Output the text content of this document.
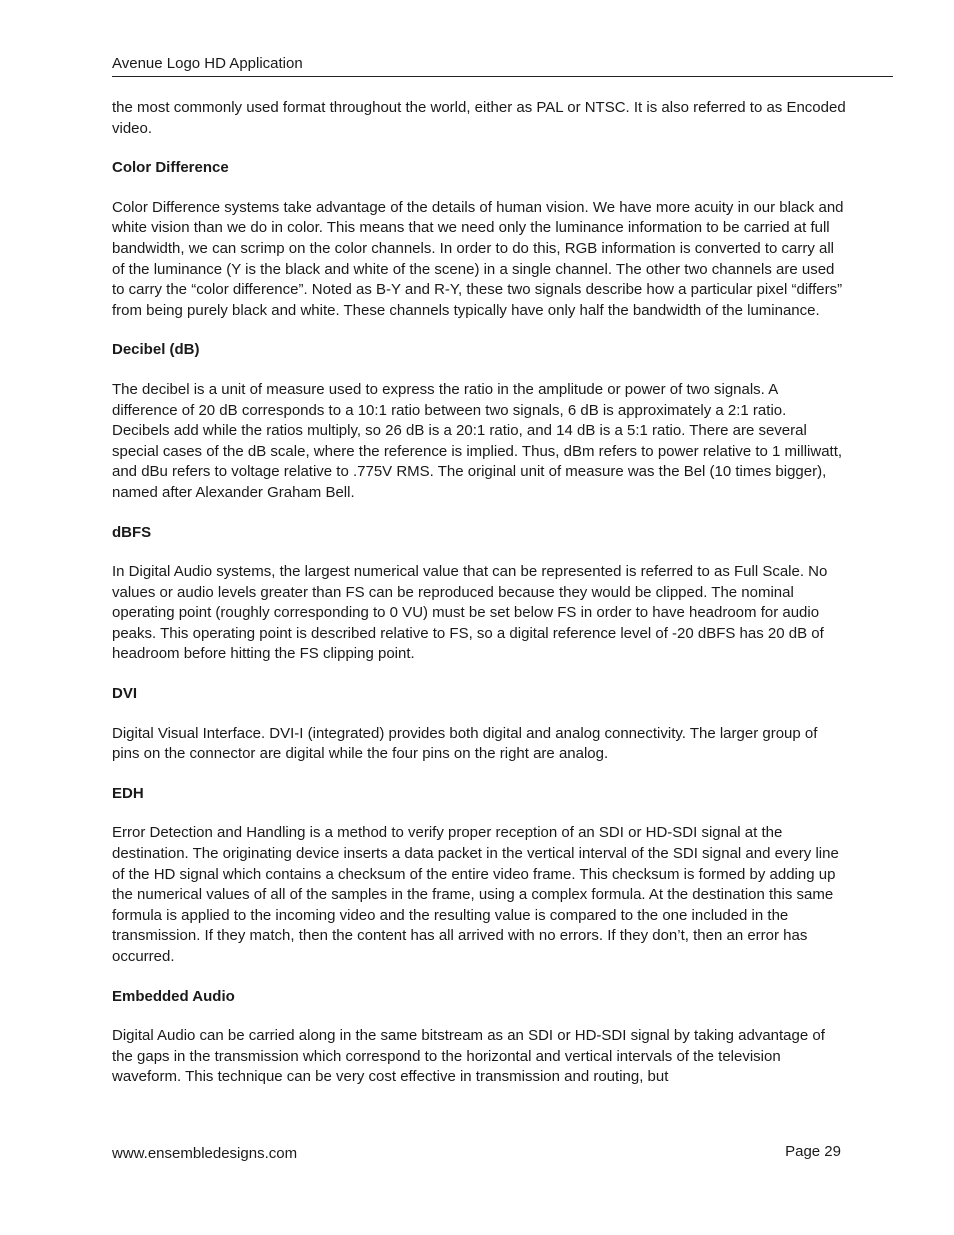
Avenue Logo HD Application

the most commonly used format throughout the world, either as PAL or NTSC. It is also referred to as Encoded video.

Color Difference

Color Difference systems take advantage of the details of human vision. We have more acuity in our black and white vision than we do in color. This means that we need only the luminance information to be carried at full bandwidth, we can scrimp on the color channels. In order to do this, RGB information is converted to carry all of the luminance (Y is the black and white of the scene) in a single channel. The other two channels are used to carry the “color difference”. Noted as B-Y and R-Y, these two signals describe how a particular pixel “differs” from being purely black and white. These channels typically have only half the bandwidth of the luminance.

Decibel (dB)

The decibel is a unit of measure used to express the ratio in the amplitude or power of two signals. A difference of 20 dB corresponds to a 10:1 ratio between two signals, 6 dB is approximately a 2:1 ratio. Decibels add while the ratios multiply, so 26 dB is a 20:1 ratio, and 14 dB is a 5:1 ratio. There are several special cases of the dB scale, where the reference is implied. Thus, dBm refers to power relative to 1 milliwatt, and dBu refers to voltage relative to .775V RMS. The original unit of measure was the Bel (10 times bigger), named after Alexander Graham Bell.

dBFS

In Digital Audio systems, the largest numerical value that can be represented is referred to as Full Scale. No values or audio levels greater than FS can be reproduced because they would be clipped. The nominal operating point (roughly corresponding to 0 VU) must be set below FS in order to have headroom for audio peaks. This operating point is described relative to FS, so a digital reference level of -20 dBFS has 20 dB of headroom before hitting the FS clipping point.

DVI

Digital Visual Interface. DVI-I (integrated) provides both digital and analog connectivity. The larger group of pins on the connector are digital while the four pins on the right are analog.

EDH

Error Detection and Handling is a method to verify proper reception of an SDI or HD-SDI signal at the destination. The originating device inserts a data packet in the vertical interval of the SDI signal and every line of the HD signal which contains a checksum of the entire video frame. This checksum is formed by adding up the numerical values of all of the samples in the frame, using a complex formula. At the destination this same formula is applied to the incoming video and the resulting value is compared to the one included in the transmission. If they match, then the content has all arrived with no errors. If they don’t, then an error has occurred.

Embedded Audio

Digital Audio can be carried along in the same bitstream as an SDI or HD-SDI signal by taking advantage of the gaps in the transmission which correspond to the horizontal and vertical intervals of the television waveform. This technique can be very cost effective in transmission and routing, but

www.ensembledesigns.com	Page 29
